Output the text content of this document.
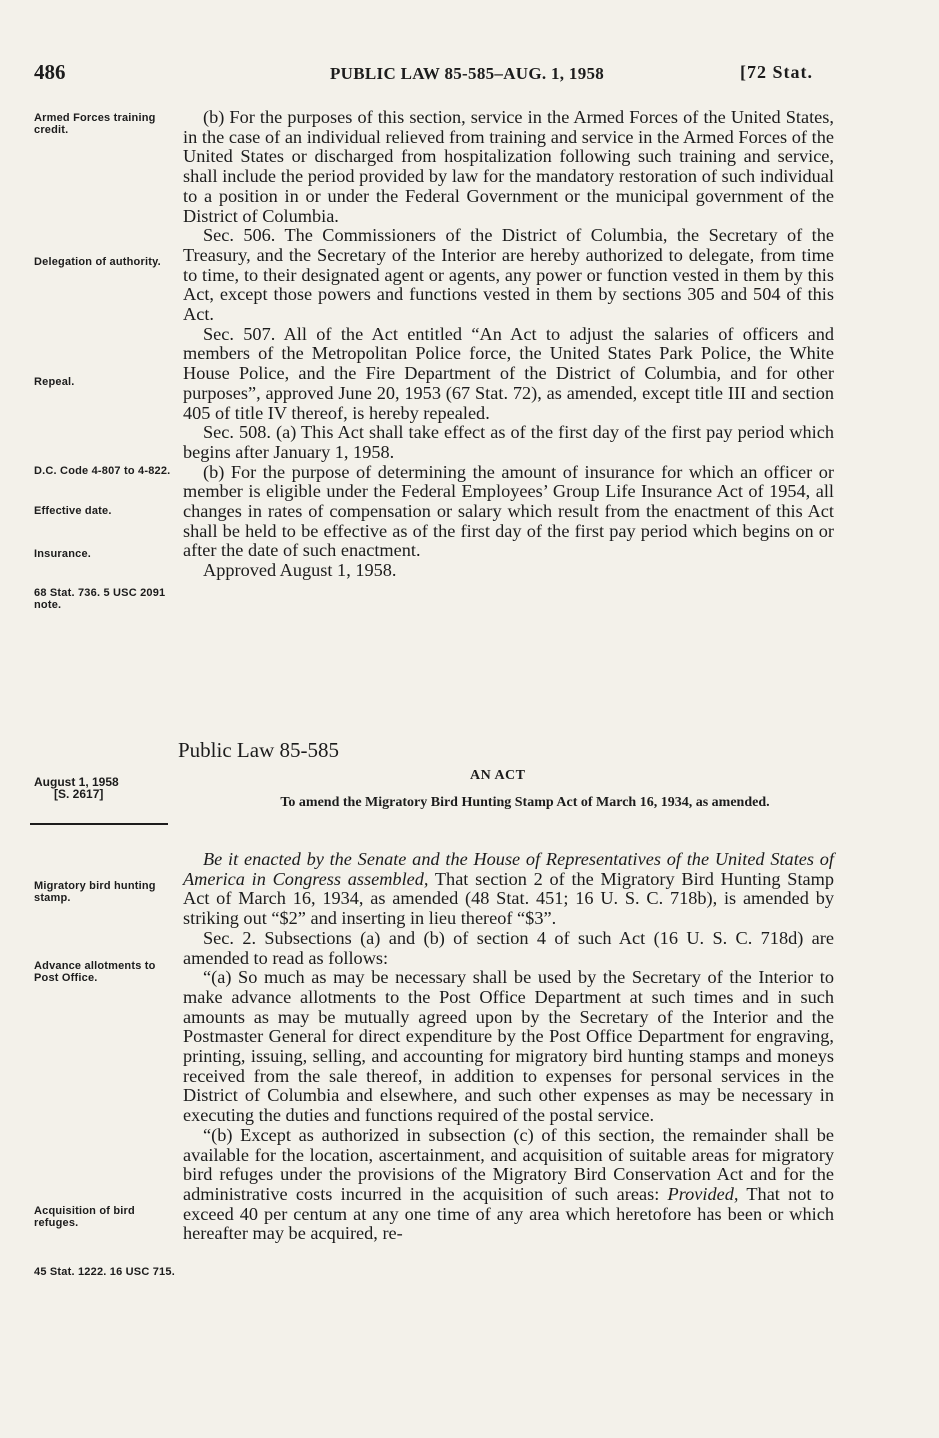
486	PUBLIC LAW 85-585–AUG. 1, 1958	[72 Stat.
Armed Forces training credit.
Delegation of authority.
Repeal.
D.C. Code 4-807 to 4-822.
Effective date.
Insurance.
68 Stat. 736. 5 USC 2091 note.
Migratory bird hunting stamp.
Advance allotments to Post Office.
Acquisition of bird refuges.
45 Stat. 1222. 16 USC 715.

(b) For the purposes of this section, service in the Armed Forces of the United States, in the case of an individual relieved from training and service in the Armed Forces of the United States or discharged from hospitalization following such training and service, shall include the period provided by law for the mandatory restoration of such individual to a position in or under the Federal Government or the municipal government of the District of Columbia.

Sec. 506. The Commissioners of the District of Columbia, the Secretary of the Treasury, and the Secretary of the Interior are hereby authorized to delegate, from time to time, to their designated agent or agents, any power or function vested in them by this Act, except those powers and functions vested in them by sections 305 and 504 of this Act.

Sec. 507. All of the Act entitled “An Act to adjust the salaries of officers and members of the Metropolitan Police force, the United States Park Police, the White House Police, and the Fire Department of the District of Columbia, and for other purposes”, approved June 20, 1953 (67 Stat. 72), as amended, except title III and section 405 of title IV thereof, is hereby repealed.

Sec. 508. (a) This Act shall take effect as of the first day of the first pay period which begins after January 1, 1958.

(b) For the purpose of determining the amount of insurance for which an officer or member is eligible under the Federal Employees’ Group Life Insurance Act of 1954, all changes in rates of compensation or salary which result from the enactment of this Act shall be held to be effective as of the first day of the first pay period which begins on or after the date of such enactment.

Approved August 1, 1958.

Public Law 85-585
AN ACT
To amend the Migratory Bird Hunting Stamp Act of March 16, 1934, as amended.
August 1, 1958
[S. 2617]

Be it enacted by the Senate and the House of Representatives of the United States of America in Congress assembled, That section 2 of the Migratory Bird Hunting Stamp Act of March 16, 1934, as amended (48 Stat. 451; 16 U. S. C. 718b), is amended by striking out “$2” and inserting in lieu thereof “$3”.

Sec. 2. Subsections (a) and (b) of section 4 of such Act (16 U. S. C. 718d) are amended to read as follows:

“(a) So much as may be necessary shall be used by the Secretary of the Interior to make advance allotments to the Post Office Department at such times and in such amounts as may be mutually agreed upon by the Secretary of the Interior and the Postmaster General for direct expenditure by the Post Office Department for engraving, printing, issuing, selling, and accounting for migratory bird hunting stamps and moneys received from the sale thereof, in addition to expenses for personal services in the District of Columbia and elsewhere, and such other expenses as may be necessary in executing the duties and functions required of the postal service.

“(b) Except as authorized in subsection (c) of this section, the remainder shall be available for the location, ascertainment, and acquisition of suitable areas for migratory bird refuges under the provisions of the Migratory Bird Conservation Act and for the administrative costs incurred in the acquisition of such areas: Provided, That not to exceed 40 per centum at any one time of any area which heretofore has been or which hereafter may be acquired, re-
